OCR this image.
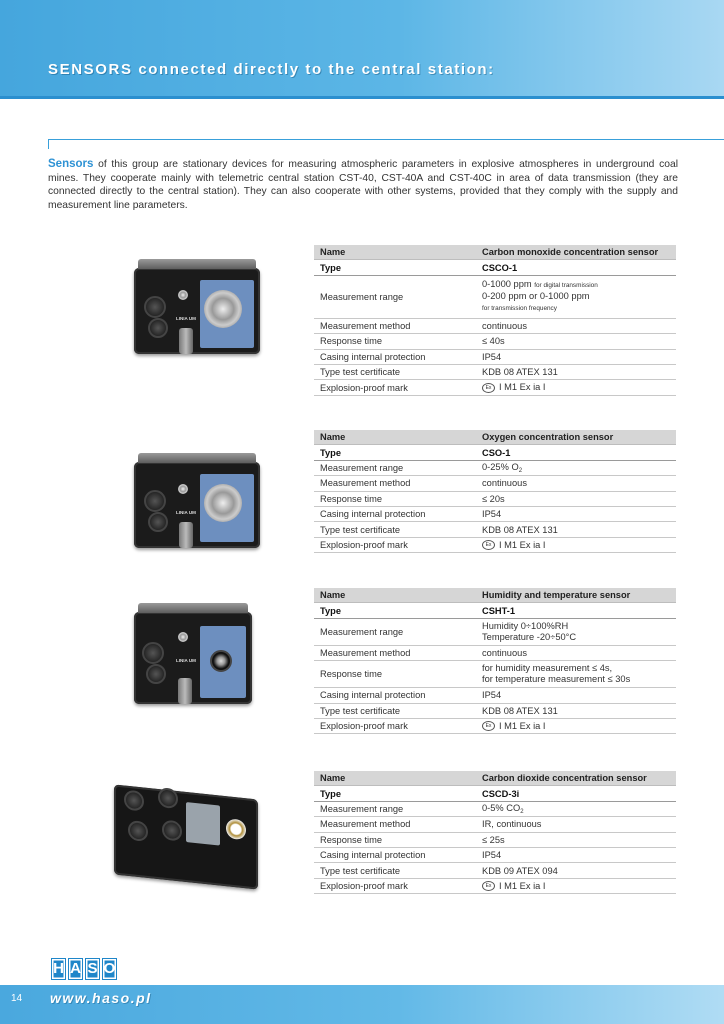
SENSORS connected directly to the central station:
Sensors of this group are stationary devices for measuring atmospheric parameters in explosive atmospheres in underground coal mines. They cooperate mainly with telemetric central station CST-40, CST-40A and CST-40C in area of data transmission (they are connected directly to the central station). They can also cooperate with other systems, provided that they comply with the supply and measurement line parameters.
LINIA UM
Name	Carbon monoxide concentration sensor
Type	CSCO-1
Measurement range	0-1000 ppm for digital transmission
0-200 ppm or 0-1000 ppm
for transmission frequency
Measurement method	continuous
Response time	≤ 40s
Casing internal protection	IP54
Type test certificate	KDB 08 ATEX 131
Explosion-proof mark	Ex I M1 Ex ia I
LINIA UM
Name	Oxygen concentration sensor
Type	CSO-1
Measurement range	0-25% $O_2$
Measurement method	continuous
Response time	≤ 20s
Casing internal protection	IP54
Type test certificate	KDB 08 ATEX 131
Explosion-proof mark	Ex I M1 Ex ia I
LINIA UM
Name	Humidity and temperature sensor
Type	CSHT-1
Measurement range	Humidity 0÷100%RH
Temperature -20÷50°C
Measurement method	continuous
Response time	for humidity measurement ≤ 4s,
for temperature measurement ≤ 30s
Casing internal protection	IP54
Type test certificate	KDB 08 ATEX 131
Explosion-proof mark	Ex I M1 Ex ia I
Name	Carbon dioxide concentration sensor
Type	CSCD-3i
Measurement range	0-5% $CO_2$
Measurement method	IR, continuous
Response time	≤ 25s
Casing internal protection	IP54
Type test certificate	KDB 09 ATEX 094
Explosion-proof mark	Ex I M1 Ex ia I
H A S O
14 www.haso.pl
